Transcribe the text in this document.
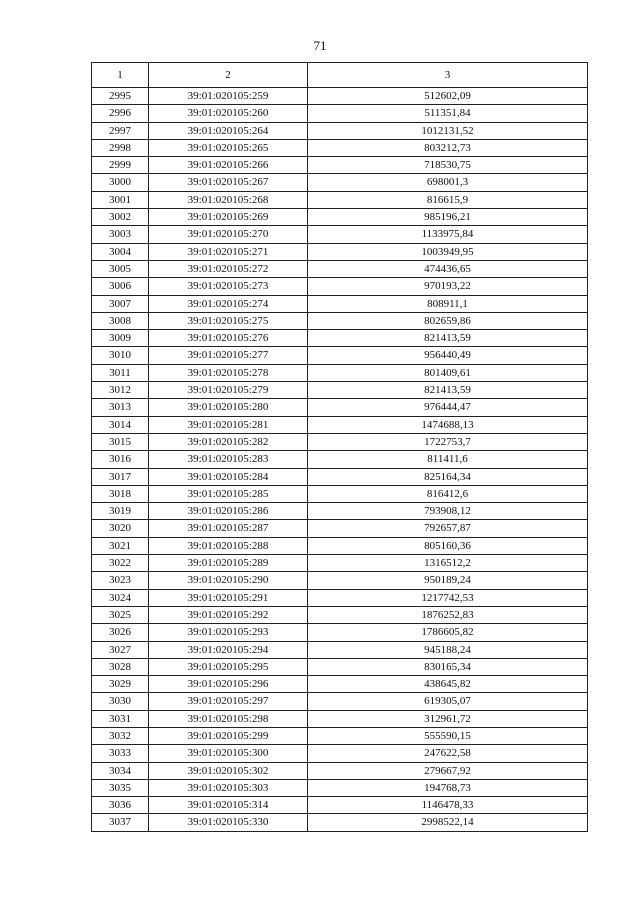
71
1	2	3
2995	39:01:020105:259	512602,09
2996	39:01:020105:260	511351,84
2997	39:01:020105:264	1012131,52
2998	39:01:020105:265	803212,73
2999	39:01:020105:266	718530,75
3000	39:01:020105:267	698001,3
3001	39:01:020105:268	816615,9
3002	39:01:020105:269	985196,21
3003	39:01:020105:270	1133975,84
3004	39:01:020105:271	1003949,95
3005	39:01:020105:272	474436,65
3006	39:01:020105:273	970193,22
3007	39:01:020105:274	808911,1
3008	39:01:020105:275	802659,86
3009	39:01:020105:276	821413,59
3010	39:01:020105:277	956440,49
3011	39:01:020105:278	801409,61
3012	39:01:020105:279	821413,59
3013	39:01:020105:280	976444,47
3014	39:01:020105:281	1474688,13
3015	39:01:020105:282	1722753,7
3016	39:01:020105:283	811411,6
3017	39:01:020105:284	825164,34
3018	39:01:020105:285	816412,6
3019	39:01:020105:286	793908,12
3020	39:01:020105:287	792657,87
3021	39:01:020105:288	805160,36
3022	39:01:020105:289	1316512,2
3023	39:01:020105:290	950189,24
3024	39:01:020105:291	1217742,53
3025	39:01:020105:292	1876252,83
3026	39:01:020105:293	1786605,82
3027	39:01:020105:294	945188,24
3028	39:01:020105:295	830165,34
3029	39:01:020105:296	438645,82
3030	39:01:020105:297	619305,07
3031	39:01:020105:298	312961,72
3032	39:01:020105:299	555590,15
3033	39:01:020105:300	247622,58
3034	39:01:020105:302	279667,92
3035	39:01:020105:303	194768,73
3036	39:01:020105:314	1146478,33
3037	39:01:020105:330	2998522,14
